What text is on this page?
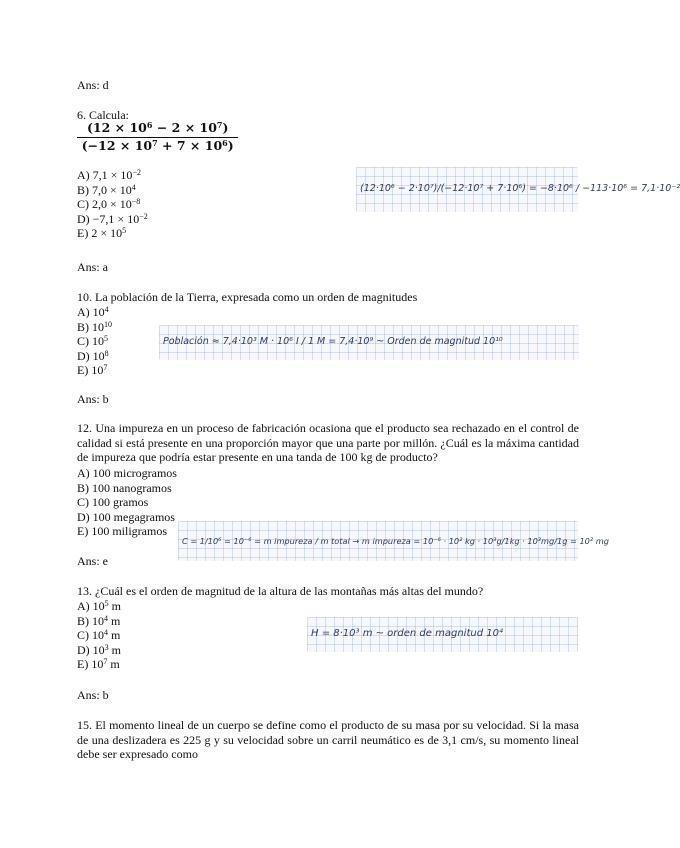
Ans: d
6. Calcula:
$\frac{(12 \times 10^6 - 2 \times 10^7)}{(-12 \times 10^7 + 7 \times 10^6)}$
A) $7,1 \times 10^{-2}$
B) $7,0 \times 10^4$
C) $2,0 \times 10^{-8}$
$D) -7,1 \times 10^{-2}$
E) $2 \times 10^5$
(12·10⁶ − 2·10⁷)/(−12·10⁷ + 7·10⁶) = −8·10⁶ / −113·10⁶ = 7,1·10⁻²
Ans: a
10. La población de la Tierra, expresada como un orden de magnitudes
A) $10^4$
B) $10^{10}$
C) $10^5$
D) $10^8$
E) $10^7$
Población ≈ 7,4·10³ M · 10⁶ I / 1 M = 7,4·10⁹ ~ Orden de magnitud 10¹⁰
Ans: b
12. Una impureza en un proceso de fabricación ocasiona que el producto sea rechazado en el control de calidad si está presente en una proporción mayor que una parte por millón. ¿Cuál es la máxima cantidad de impureza que podría estar presente en una tanda de 100 kg de producto?
A) 100 microgramos
B) 100 nanogramos
C) 100 gramos
D) 100 megagramos
E) 100 miligramos
C = 1/10⁶ = 10⁻⁶ = m impureza / m total → m impureza = 10⁻⁶ · 10² kg · 10³g/1kg · 10³mg/1g = 10² mg
Ans: e
13. ¿Cuál es el orden de magnitud de la altura de las montañas más altas del mundo?
A) $10^5$ m
B) $10^4$ m
C) $10^4$ m
D) $10^3$ m
E) $10^7$ m
H = 8·10³ m ~ orden de magnitud 10⁴
Ans: b
15. El momento lineal de un cuerpo se define como el producto de su masa por su velocidad. Si la masa de una deslizadera es 225 g y su velocidad sobre un carril neumático es de 3,1 cm/s, su momento lineal debe ser expresado como
